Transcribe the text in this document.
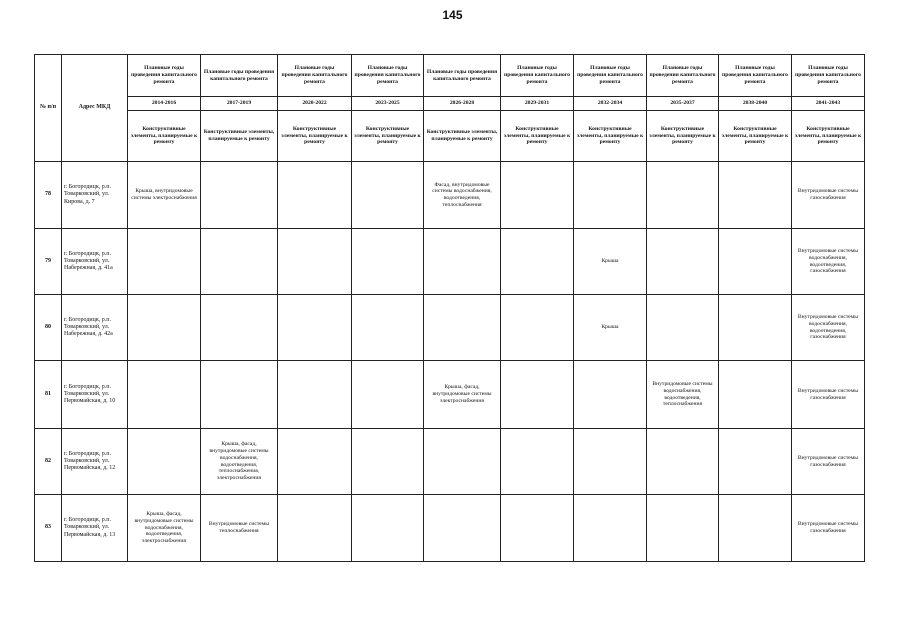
145
№ п/п	Адрес МКД	Плановые годы проведения капитального ремонта	Плановые годы проведения капитального ремонта	Плановые годы проведения капитального ремонта	Плановые годы проведения капитального ремонта	Плановые годы проведения капитального ремонта	Плановые годы проведения капитального ремонта	Плановые годы проведения капитального ремонта	Плановые годы проведения капитального ремонта	Плановые годы проведения капитального ремонта	Плановые годы проведения капитального ремонта
		2014-2016	2017-2019	2020-2022	2023-2025	2026-2028	2029-2031	2032-2034	2035-2037	2038-2040	2041-2043
		Конструктивные элементы, планируемые к ремонту	Конструктивные элементы, планируемые к ремонту	Конструктивные элементы, планируемые к ремонту	Конструктивные элементы, планируемые к ремонту	Конструктивные элементы, планируемые к ремонту	Конструктивные элементы, планируемые к ремонту	Конструктивные элементы, планируемые к ремонту	Конструктивные элементы, планируемые к ремонту	Конструктивные элементы, планируемые к ремонту	Конструктивные элементы, планируемые к ремонту
78	г. Богородицк, р.п. Товарковский, ул. Кирова, д. 7	Крыша, внутридомовые системы электроснабжения				Фасад, внутридомовые системы водоснабжения, водоотведения, теплоснабжения					Внутридомовые системы газоснабжения
79	г. Богородицк, р.п. Товарковский, ул. Набережная, д. 41а							Крыша			Внутридомовые системы водоснабжения, водоотведения, газоснабжения
80	г. Богородицк, р.п. Товарковский, ул. Набережная, д. 42а							Крыша			Внутридомовые системы водоснабжения, водоотведения, газоснабжения
81	г. Богородицк, р.п. Товарковский, ул. Первомайская, д. 10					Крыша, фасад, внутридомовые системы электроснабжения			Внутридомовые системы водоснабжения, водоотведения, теплоснабжения		Внутридомовые системы газоснабжения
82	г. Богородицк, р.п. Товарковский, ул. Первомайская, д. 12		Крыша, фасад, внутридомовые системы водоснабжения, водоотведения, теплоснабжения, электроснабжения								Внутридомовые системы газоснабжения
83	г. Богородицк, р.п. Товарковский, ул. Первомайская, д. 13	Крыша, фасад, внутридомовые системы водоснабжения, водоотведения, электроснабжения	Внутридомовые системы теплоснабжения								Внутридомовые системы газоснабжения
